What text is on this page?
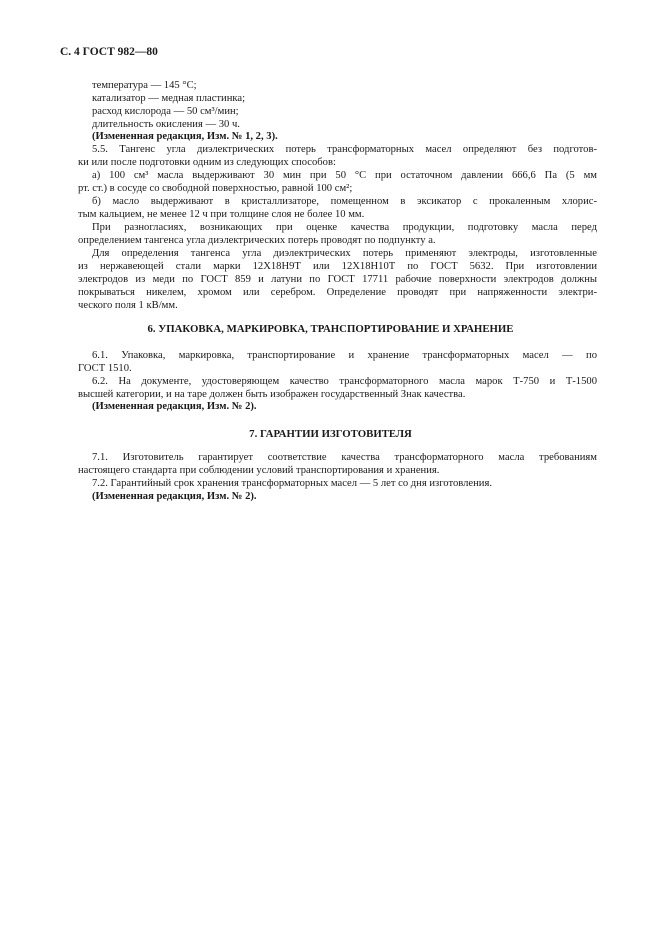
С. 4 ГОСТ 982—80
температура — 145 °С;
катализатор — медная пластинка;
расход кислорода — 50 см³/мин;
длительность окисления — 30 ч.
(Измененная редакция, Изм. № 1, 2, 3).
5.5. Тангенс угла диэлектрических потерь трансформаторных масел определяют без подготов-
ки или после подготовки одним из следующих способов:
а) 100 см³ масла выдерживают 30 мин при 50 °С при остаточном давлении 666,6 Па (5 мм
рт. ст.) в сосуде со свободной поверхностью, равной 100 см²;
б) масло выдерживают в кристаллизаторе, помещенном в эксикатор с прокаленным хлорис-
тым кальцием, не менее 12 ч при толщине слоя не более 10 мм.
При разногласиях, возникающих при оценке качества продукции, подготовку масла перед
определением тангенса угла диэлектрических потерь проводят по подпункту а.
Для определения тангенса угла диэлектрических потерь применяют электроды, изготовленные
из нержавеющей стали марки 12Х18Н9Т или 12Х18Н10Т по ГОСТ 5632. При изготовлении
электродов из меди по ГОСТ 859 и латуни по ГОСТ 17711 рабочие поверхности электродов должны
покрываться никелем, хромом или серебром. Определение проводят при напряженности электри-
ческого поля 1 кВ/мм.
6. УПАКОВКА, МАРКИРОВКА, ТРАНСПОРТИРОВАНИЕ И ХРАНЕНИЕ
6.1. Упаковка, маркировка, транспортирование и хранение трансформаторных масел — по
ГОСТ 1510.
6.2. На документе, удостоверяющем качество трансформаторного масла марок Т-750 и Т-1500
высшей категории, и на таре должен быть изображен государственный Знак качества.
(Измененная редакция, Изм. № 2).
7. ГАРАНТИИ ИЗГОТОВИТЕЛЯ
7.1. Изготовитель гарантирует соответствие качества трансформаторного масла требованиям
настоящего стандарта при соблюдении условий транспортирования и хранения.
7.2. Гарантийный срок хранения трансформаторных масел — 5 лет со дня изготовления.
(Измененная редакция, Изм. № 2).
